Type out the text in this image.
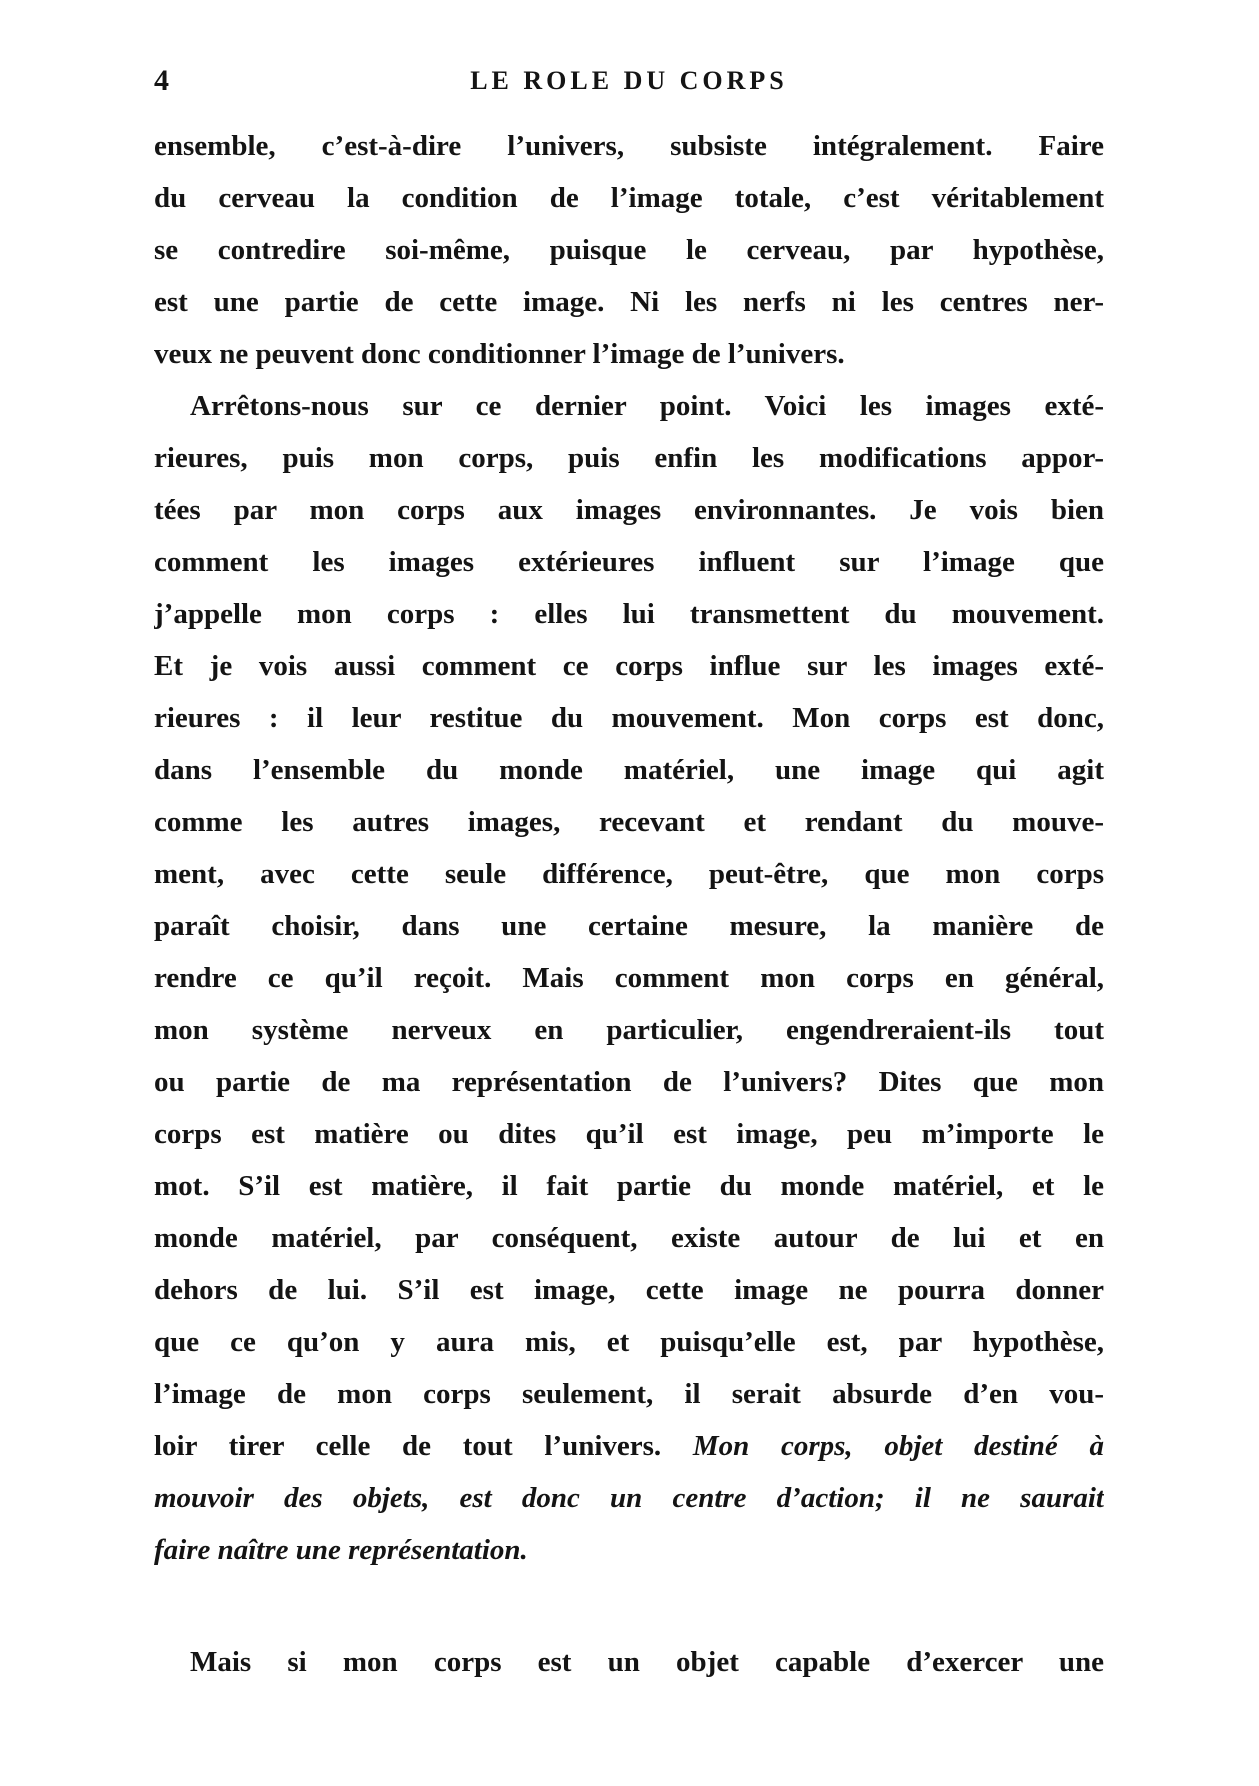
4	LE ROLE DU CORPS
ensemble, c’est-à-dire l’univers, subsiste intégralement. Faire
du cerveau la condition de l’image totale, c’est véritablement
se contredire soi-même, puisque le cerveau, par hypothèse,
est une partie de cette image. Ni les nerfs ni les centres ner-
veux ne peuvent donc conditionner l’image de l’univers.
Arrêtons-nous sur ce dernier point. Voici les images exté-
rieures, puis mon corps, puis enfin les modifications appor-
tées par mon corps aux images environnantes. Je vois bien
comment les images extérieures influent sur l’image que
j’appelle mon corps : elles lui transmettent du mouvement.
Et je vois aussi comment ce corps influe sur les images exté-
rieures : il leur restitue du mouvement. Mon corps est donc,
dans l’ensemble du monde matériel, une image qui agit
comme les autres images, recevant et rendant du mouve-
ment, avec cette seule différence, peut-être, que mon corps
paraît choisir, dans une certaine mesure, la manière de
rendre ce qu’il reçoit. Mais comment mon corps en général,
mon système nerveux en particulier, engendreraient-ils tout
ou partie de ma représentation de l’univers? Dites que mon
corps est matière ou dites qu’il est image, peu m’importe le
mot. S’il est matière, il fait partie du monde matériel, et le
monde matériel, par conséquent, existe autour de lui et en
dehors de lui. S’il est image, cette image ne pourra donner
que ce qu’on y aura mis, et puisqu’elle est, par hypothèse,
l’image de mon corps seulement, il serait absurde d’en vou-
loir tirer celle de tout l’univers. Mon corps, objet destiné à
mouvoir des objets, est donc un centre d’action; il ne saurait
faire naître une représentation.
Mais si mon corps est un objet capable d’exercer une
